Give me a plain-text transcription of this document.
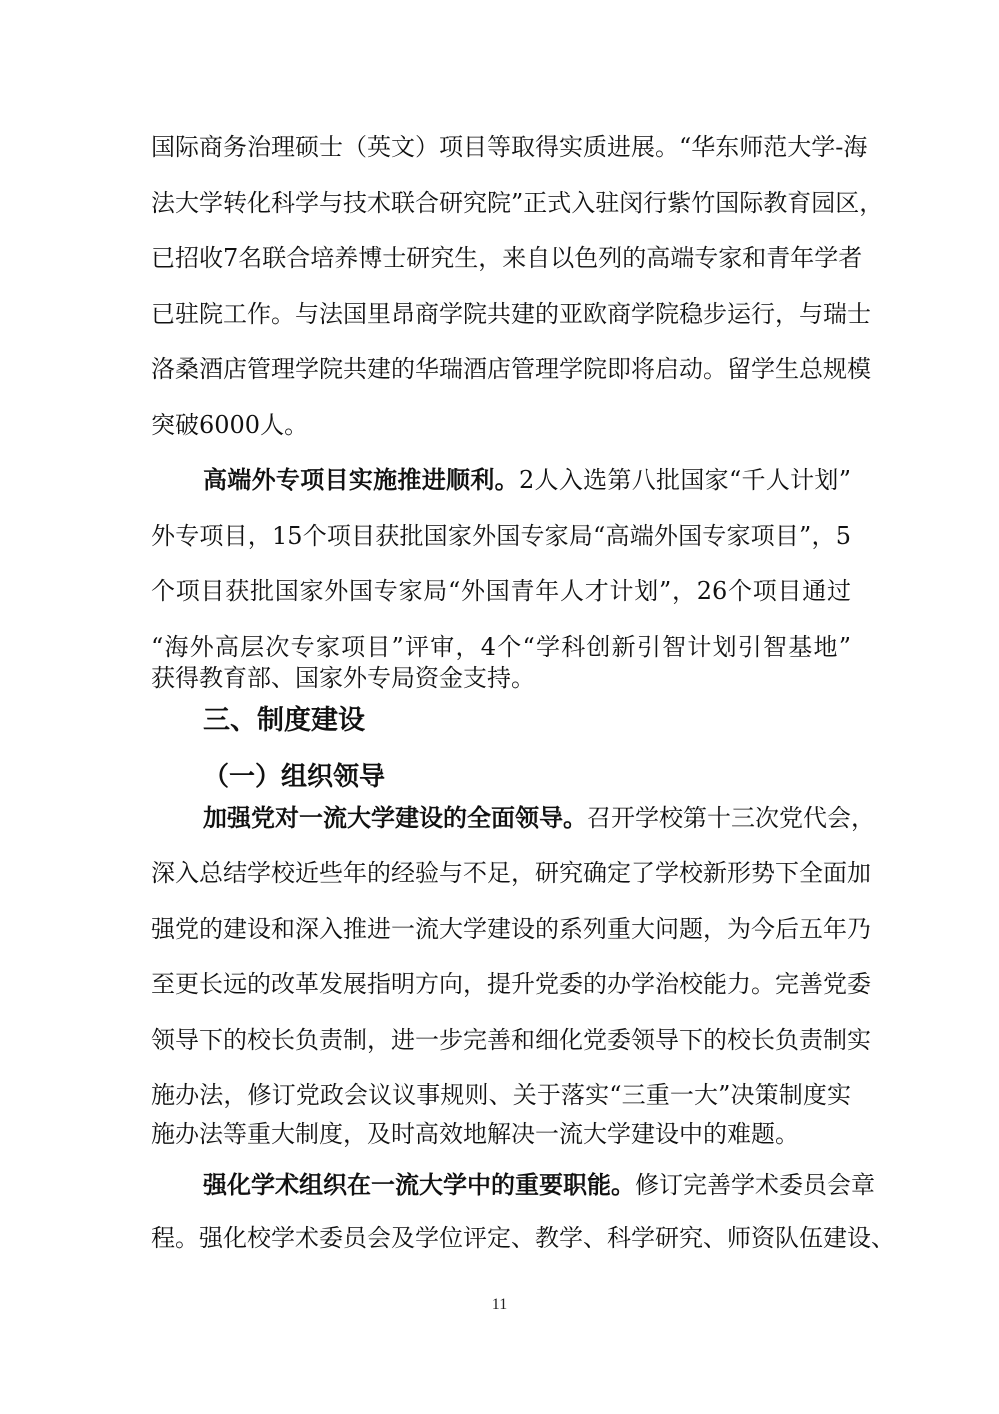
国际商务治理硕士（英文）项目等取得实质进展。“华东师范大学-海
法大学转化科学与技术联合研究院”正式入驻闵行紫竹国际教育园区，
已招收7名联合培养博士研究生，来自以色列的高端专家和青年学者
已驻院工作。与法国里昂商学院共建的亚欧商学院稳步运行，与瑞士
洛桑酒店管理学院共建的华瑞酒店管理学院即将启动。留学生总规模
突破6000人。
高端外专项目实施推进顺利。2人入选第八批国家“千人计划”
外专项目，15个项目获批国家外国专家局“高端外国专家项目”，5
个项目获批国家外国专家局“外国青年人才计划”，26个项目通过
“海外高层次专家项目”评审，4个“学科创新引智计划引智基地”
获得教育部、国家外专局资金支持。
三、制度建设
（一）组织领导
加强党对一流大学建设的全面领导。召开学校第十三次党代会，
深入总结学校近些年的经验与不足，研究确定了学校新形势下全面加
强党的建设和深入推进一流大学建设的系列重大问题，为今后五年乃
至更长远的改革发展指明方向，提升党委的办学治校能力。完善党委
领导下的校长负责制，进一步完善和细化党委领导下的校长负责制实
施办法，修订党政会议议事规则、关于落实“三重一大”决策制度实
施办法等重大制度，及时高效地解决一流大学建设中的难题。
强化学术组织在一流大学中的重要职能。修订完善学术委员会章
程。强化校学术委员会及学位评定、教学、科学研究、师资队伍建设、
11
